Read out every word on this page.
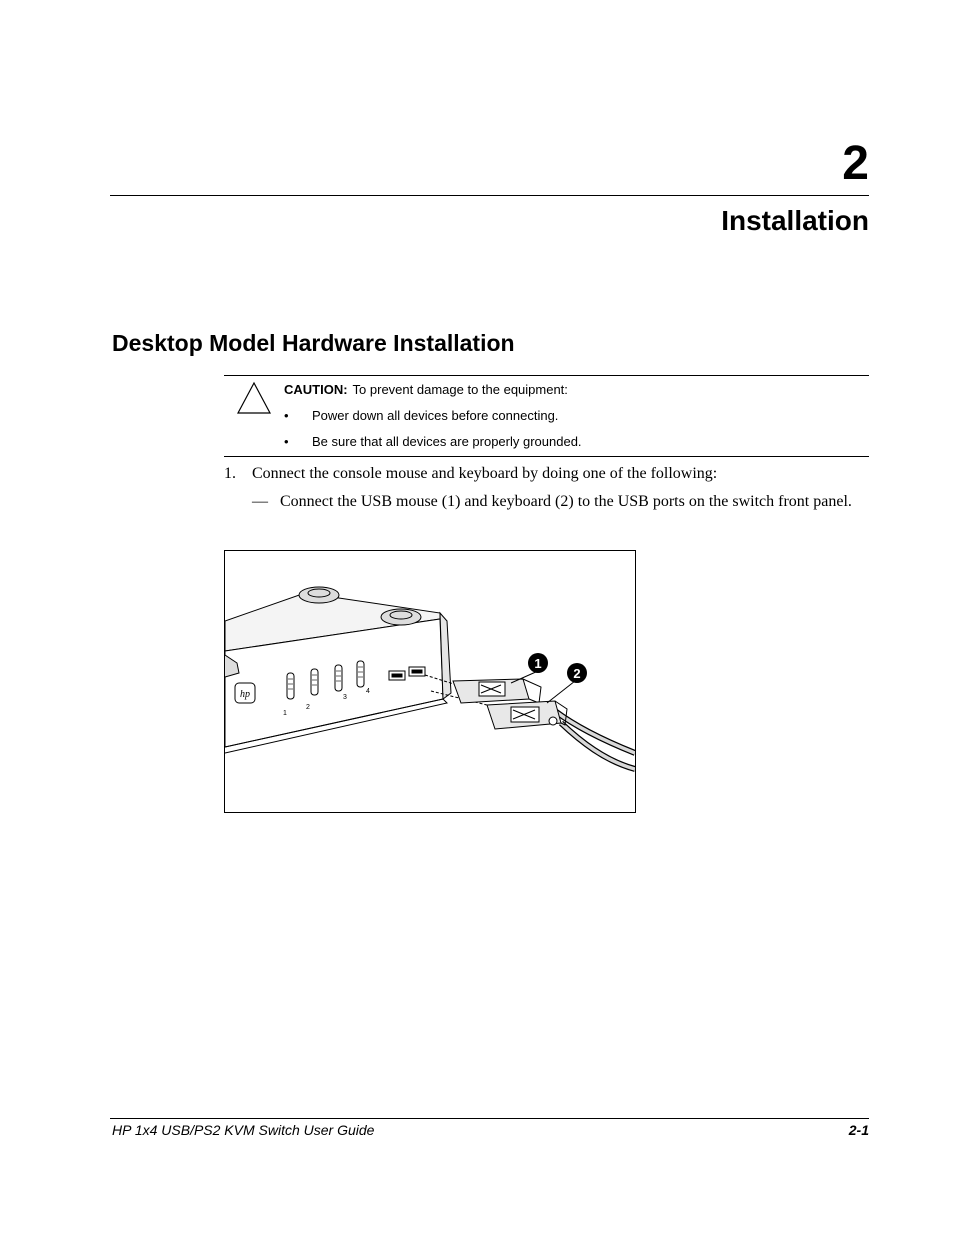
2
Installation
Desktop Model Hardware Installation
CAUTION: To prevent damage to the equipment:
• Power down all devices before connecting.
• Be sure that all devices are properly grounded.
1. Connect the console mouse and keyboard by doing one of the following:
— Connect the USB mouse (1) and keyboard (2) to the USB ports on the switch front panel.
hp
1
2
1
2
3
4
HP 1x4 USB/PS2 KVM Switch User Guide	2-1
